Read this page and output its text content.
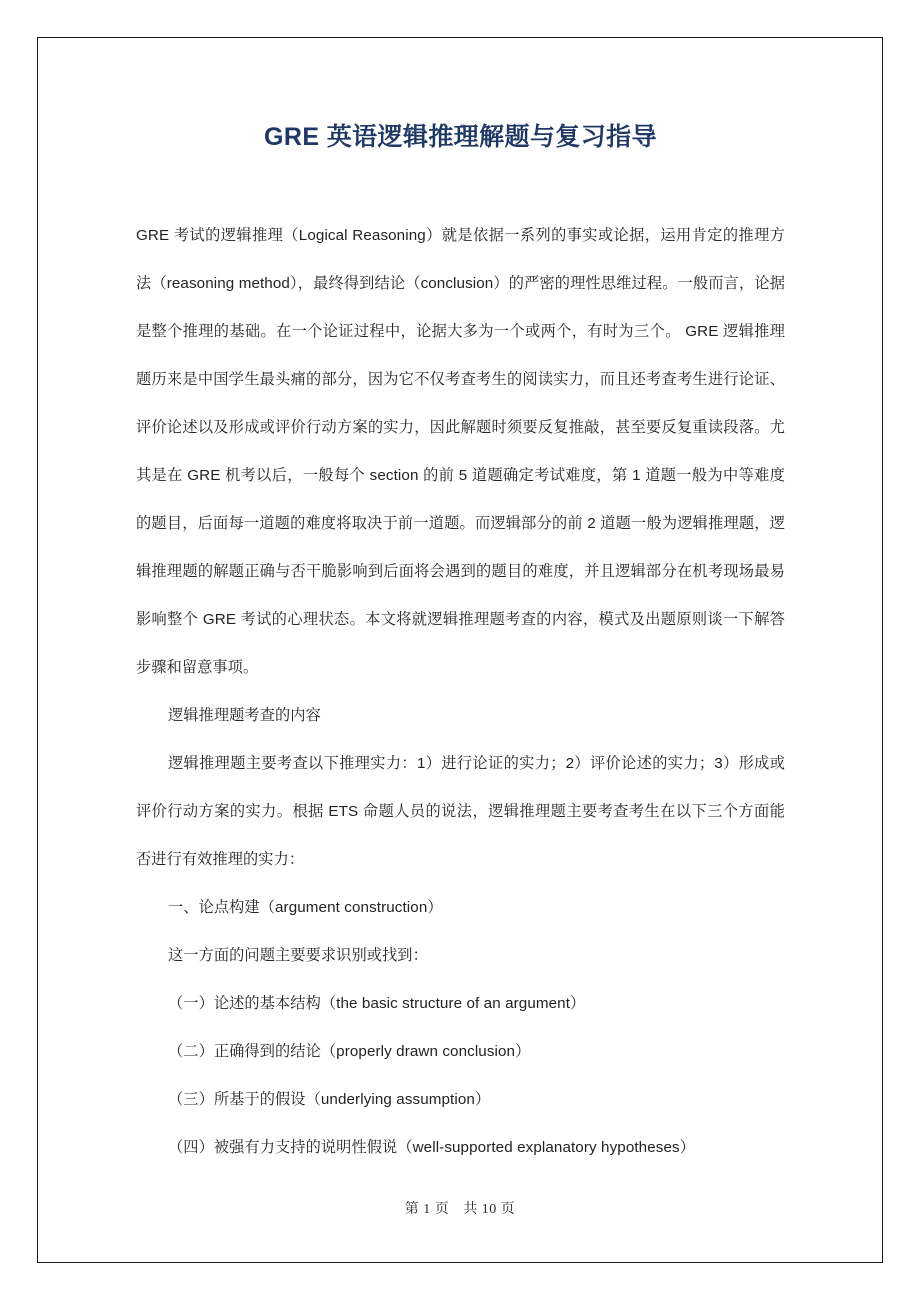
GRE 英语逻辑推理解题与复习指导

GRE 考试的逻辑推理（Logical Reasoning）就是依据一系列的事实或论据，运用肯定的推理方法（reasoning method），最终得到结论（conclusion）的严密的理性思维过程。一般而言，论据是整个推理的基础。在一个论证过程中，论据大多为一个或两个，有时为三个。 GRE 逻辑推理题历来是中国学生最头痛的部分，因为它不仅考查考生的阅读实力，而且还考查考生进行论证、评价论述以及形成或评价行动方案的实力，因此解题时须要反复推敲，甚至要反复重读段落。尤其是在 GRE 机考以后，一般每个 section 的前 5 道题确定考试难度，第 1 道题一般为中等难度的题目，后面每一道题的难度将取决于前一道题。而逻辑部分的前 2 道题一般为逻辑推理题，逻辑推理题的解题正确与否干脆影响到后面将会遇到的题目的难度，并且逻辑部分在机考现场最易影响整个 GRE 考试的心理状态。本文将就逻辑推理题考查的内容，模式及出题原则谈一下解答步骤和留意事项。

逻辑推理题考查的内容

逻辑推理题主要考查以下推理实力：1）进行论证的实力；2）评价论述的实力；3）形成或评价行动方案的实力。根据 ETS 命题人员的说法，逻辑推理题主要考查考生在以下三个方面能否进行有效推理的实力：

一、论点构建（argument construction）

这一方面的问题主要要求识别或找到：

（一）论述的基本结构（the basic structure of an argument）

（二）正确得到的结论（properly drawn conclusion）

（三）所基于的假设（underlying assumption）

（四）被强有力支持的说明性假说（well-supported explanatory hypotheses）

第 1 页 共 10 页
